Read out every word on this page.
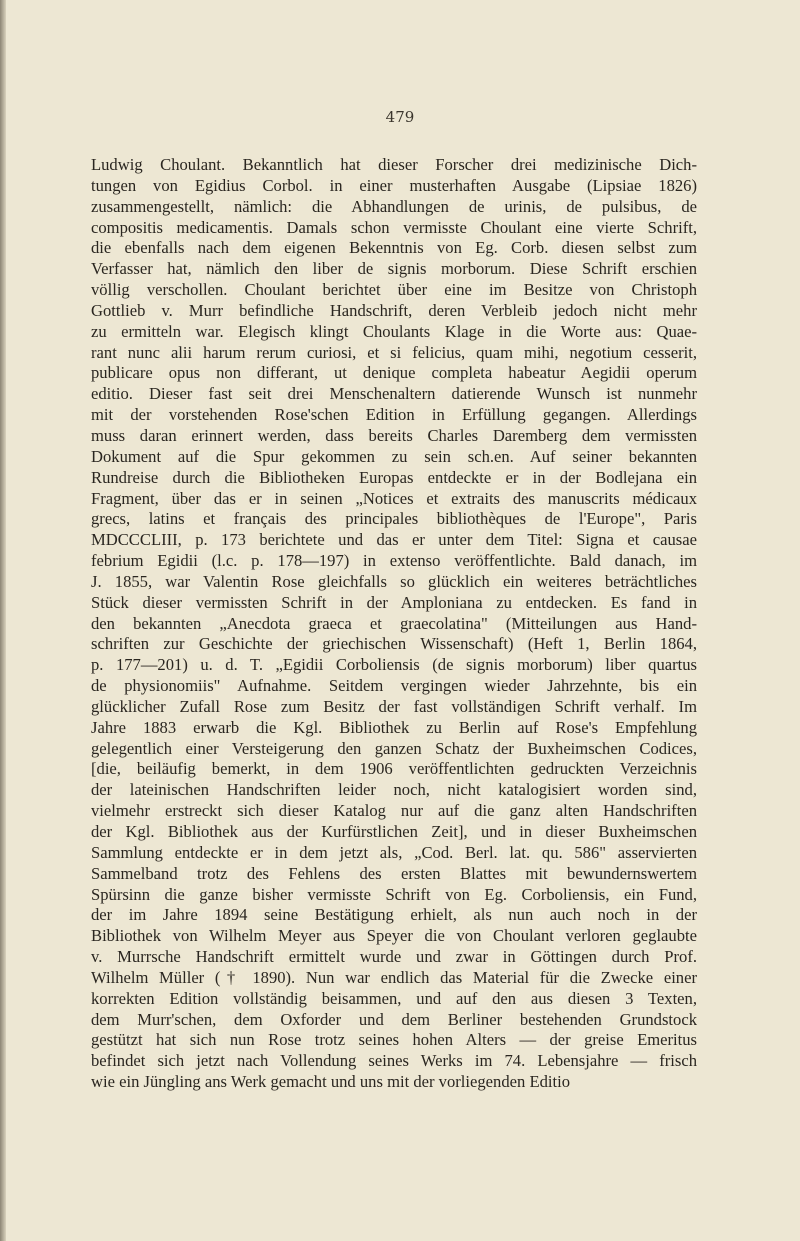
479
Ludwig Choulant. Bekanntlich hat dieser Forscher drei medizinische Dich-
tungen von Egidius Corbol. in einer musterhaften Ausgabe (Lipsiae 1826)
zusammengestellt, nämlich: die Abhandlungen de urinis, de pulsibus, de
compositis medicamentis. Damals schon vermisste Choulant eine vierte Schrift,
die ebenfalls nach dem eigenen Bekenntnis von Eg. Corb. diesen selbst zum
Verfasser hat, nämlich den liber de signis morborum. Diese Schrift erschien
völlig verschollen. Choulant berichtet über eine im Besitze von Christoph
Gottlieb v. Murr befindliche Handschrift, deren Verbleib jedoch nicht mehr
zu ermitteln war. Elegisch klingt Choulants Klage in die Worte aus: Quae-
rant nunc alii harum rerum curiosi, et si felicius, quam mihi, negotium cesserit,
publicare opus non differant, ut denique completa habeatur Aegidii operum
editio. Dieser fast seit drei Menschenaltern datierende Wunsch ist nunmehr
mit der vorstehenden Rose'schen Edition in Erfüllung gegangen. Allerdings
muss daran erinnert werden, dass bereits Charles Daremberg dem vermissten
Dokument auf die Spur gekommen zu sein sch.en. Auf seiner bekannten
Rundreise durch die Bibliotheken Europas entdeckte er in der Bodlejana ein
Fragment, über das er in seinen „Notices et extraits des manuscrits médicaux
grecs, latins et français des principales bibliothèques de l'Europe", Paris
MDCCCLIII, p. 173 berichtete und das er unter dem Titel: Signa et causae
febrium Egidii (l.c. p. 178—197) in extenso veröffentlichte. Bald danach, im
J. 1855, war Valentin Rose gleichfalls so glücklich ein weiteres beträchtliches
Stück dieser vermissten Schrift in der Amploniana zu entdecken. Es fand in
den bekannten „Anecdota graeca et graecolatina" (Mitteilungen aus Hand-
schriften zur Geschichte der griechischen Wissenschaft) (Heft 1, Berlin 1864,
p. 177—201) u. d. T. „Egidii Corboliensis (de signis morborum) liber quartus
de physionomiis" Aufnahme. Seitdem vergingen wieder Jahrzehnte, bis ein
glücklicher Zufall Rose zum Besitz der fast vollständigen Schrift verhalf. Im
Jahre 1883 erwarb die Kgl. Bibliothek zu Berlin auf Rose's Empfehlung
gelegentlich einer Versteigerung den ganzen Schatz der Buxheimschen Codices,
[die, beiläufig bemerkt, in dem 1906 veröffentlichten gedruckten Verzeichnis
der lateinischen Handschriften leider noch, nicht katalogisiert worden sind,
vielmehr erstreckt sich dieser Katalog nur auf die ganz alten Handschriften
der Kgl. Bibliothek aus der Kurfürstlichen Zeit], und in dieser Buxheimschen
Sammlung entdeckte er in dem jetzt als, „Cod. Berl. lat. qu. 586" asservierten
Sammelband trotz des Fehlens des ersten Blattes mit bewundernswertem
Spürsinn die ganze bisher vermisste Schrift von Eg. Corboliensis, ein Fund,
der im Jahre 1894 seine Bestätigung erhielt, als nun auch noch in der
Bibliothek von Wilhelm Meyer aus Speyer die von Choulant verloren geglaubte
v. Murrsche Handschrift ermittelt wurde und zwar in Göttingen durch Prof.
Wilhelm Müller († 1890). Nun war endlich das Material für die Zwecke einer
korrekten Edition vollständig beisammen, und auf den aus diesen 3 Texten,
dem Murr'schen, dem Oxforder und dem Berliner bestehenden Grundstock
gestützt hat sich nun Rose trotz seines hohen Alters — der greise Emeritus
befindet sich jetzt nach Vollendung seines Werks im 74. Lebensjahre — frisch
wie ein Jüngling ans Werk gemacht und uns mit der vorliegenden Editio
